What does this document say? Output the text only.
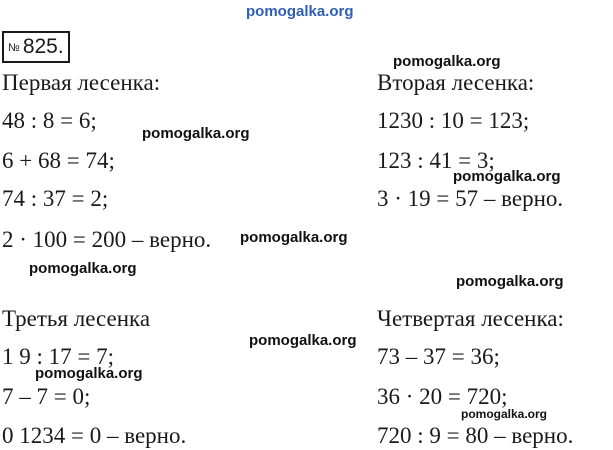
pomogalka.org
№ 825.
Первая лесенка:
48 : 8 = 6;
6 + 68 = 74;
74 : 37 = 2;
2 · 100 = 200 – верно.
Вторая лесенка:
1230 : 10 = 123;
123 : 41 = 3;
3 · 19 = 57 – верно.
Третья лесенка
1 9 : 17 = 7;
7 – 7 = 0;
0 1234 = 0 – верно.
Четвертая лесенка:
73 – 37 = 36;
36 · 20 = 720;
720 : 9 = 80 – верно.
pomogalka.org
pomogalka.org
pomogalka.org
pomogalka.org
pomogalka.org
pomogalka.org
pomogalka.org
pomogalka.org
pomogalka.org
